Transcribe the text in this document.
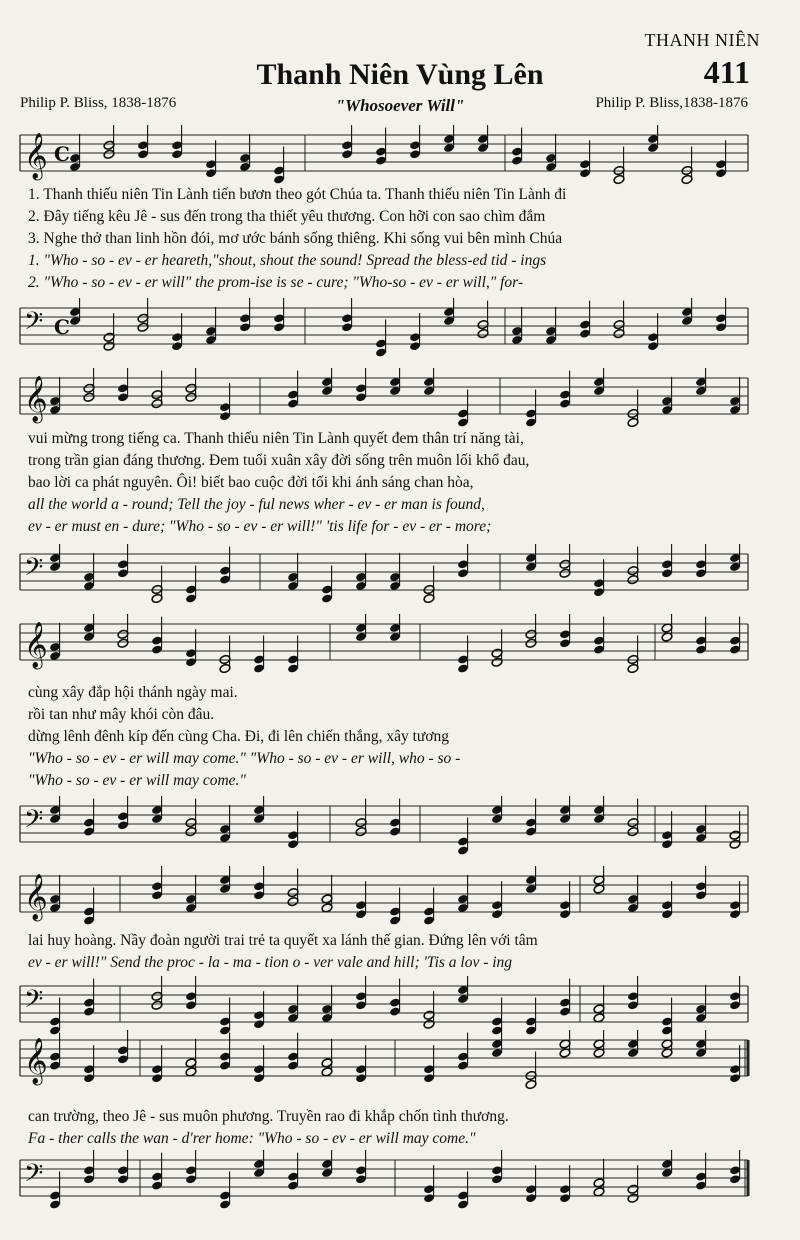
THANH NIÊN
411
Thanh Niên Vùng Lên
"Whosoever Will"
Philip P. Bliss, 1838-1876	Philip P. Bliss,1838-1876
𝄞 C
1. Thanh thiếu niên Tin Lành tiến bươn theo gót Chúa ta. Thanh thiếu niên Tin Lành đi
2. Đây tiếng kêu Jê - sus đến trong tha thiết yêu thương. Con hỡi con sao chìm đắm
3. Nghe thở than linh hồn đói, mơ ước bánh sống thiêng. Khi sống vui bên mình Chúa
1. "Who - so - ev - er heareth,"shout, shout the sound! Spread the bless-ed tid - ings
2. "Who - so - ev - er will" the prom-ise is se - cure; "Who-so - ev - er will," for-
𝄢 C
𝄞
vui mừng trong tiếng ca. Thanh thiếu niên Tin Lành quyết đem thân trí năng tài,
trong trần gian đáng thương. Đem tuổi xuân xây đời sống trên muôn lối khổ đau,
bao lời ca phát nguyên. Ôi! biết bao cuộc đời tối khi ánh sáng chan hòa,
all the world a - round; Tell the joy - ful news wher - ev - er man is found,
ev - er must en - dure; "Who - so - ev - er will!" 'tis life for - ev - er - more;
𝄢
𝄞
cùng xây đắp hội thánh ngày mai.
rồi tan như mây khói còn đâu.
dừng lênh đênh kíp đến cùng Cha. Đi, đi lên chiến thắng, xây tương
"Who - so - ev - er will may come." "Who - so - ev - er will, who - so -
"Who - so - ev - er will may come."
𝄢
𝄞
lai huy hoàng. Nầy đoàn người trai trẻ ta quyết xa lánh thế gian. Đứng lên với tâm
ev - er will!" Send the proc - la - ma - tion o - ver vale and hill; 'Tis a lov - ing
𝄢
𝄞
can trường, theo Jê - sus muôn phương. Truyền rao đi khắp chốn tình thương.
Fa - ther calls the wan - d'rer home: "Who - so - ev - er will may come."
𝄢
